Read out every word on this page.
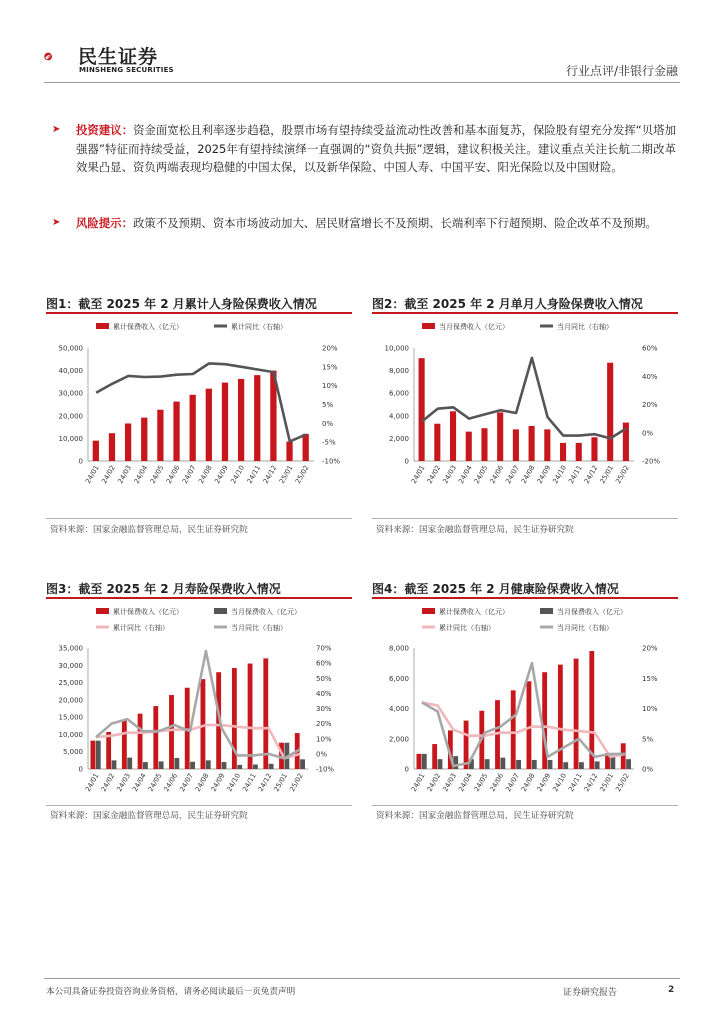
民生证券
MINSHENG SECURITIES	行业点评/非银行金融
➤	投资建议：资金面宽松且利率逐步趋稳，股票市场有望持续受益流动性改善和基本面复苏，保险股有望充分发挥“贝塔加强器”特征而持续受益，2025年有望持续演绎一直强调的“资负共振”逻辑，建议积极关注。建议重点关注长航二期改革效果凸显、资负两端表现均稳健的中国太保，以及新华保险、中国人寿、中国平安、阳光保险以及中国财险。
➤	风险提示：政策不及预期、资本市场波动加大、居民财富增长不及预期、长端利率下行超预期、险企改革不及预期。
图1：截至 2025 年 2 月累计人身险保费收入情况	图2：截至 2025 年 2 月单月人身险保费收入情况
累计保费收入（亿元）	累计同比（右轴）
0
10,000
20,000
30,000
40,000
50,000
-10%
-5%
0%
5%
10%
15%
20%
24/01 24/02 24/03 24/04 24/05 24/06 24/07 24/08 24/09 24/10 24/11 24/12 25/01 25/02
当月保费收入（亿元）	当月同比（右轴）
0
2,000
4,000
6,000
8,000
10,000
-20%
0%
20%
40%
60%
24/01
24/02
24/03
24/04
24/05
24/06
24/07
24/08
24/09
24/10
24/11
24/12
25/01
25/02
资料来源：国家金融监督管理总局，民生证券研究院	资料来源：国家金融监督管理总局，民生证券研究院
图3：截至 2025 年 2 月寿险保费收入情况	图4：截至 2025 年 2 月健康险保费收入情况
累计保费收入（亿元）	当月保费收入（亿元）
累计同比（右轴）	当月同比（右轴）
0
5,000
10,000
15,000
20,000
25,000
30,000
35,000
-10%
0%
10%
20%
30%
40%
50%
60%
70%
24/01
24/02
24/03
24/04
24/05
24/06
24/07
24/08
24/09
24/10
24/11
24/12
25/01
25/02
累计保费收入（亿元）	当月保费收入（亿元）
累计同比（右轴）	当月同比（右轴）
0
2,000
4,000
6,000
8,000
0%
5%
10%
15%
20%
24/01
24/02
24/03
24/04
24/05
24/06
24/07
24/08
24/09
24/10
24/11
24/12
25/01
25/02
资料来源：国家金融监督管理总局，民生证券研究院	资料来源：国家金融监督管理总局，民生证券研究院
本公司具备证券投资咨询业务资格，请务必阅读最后一页免责声明	证券研究报告	2
